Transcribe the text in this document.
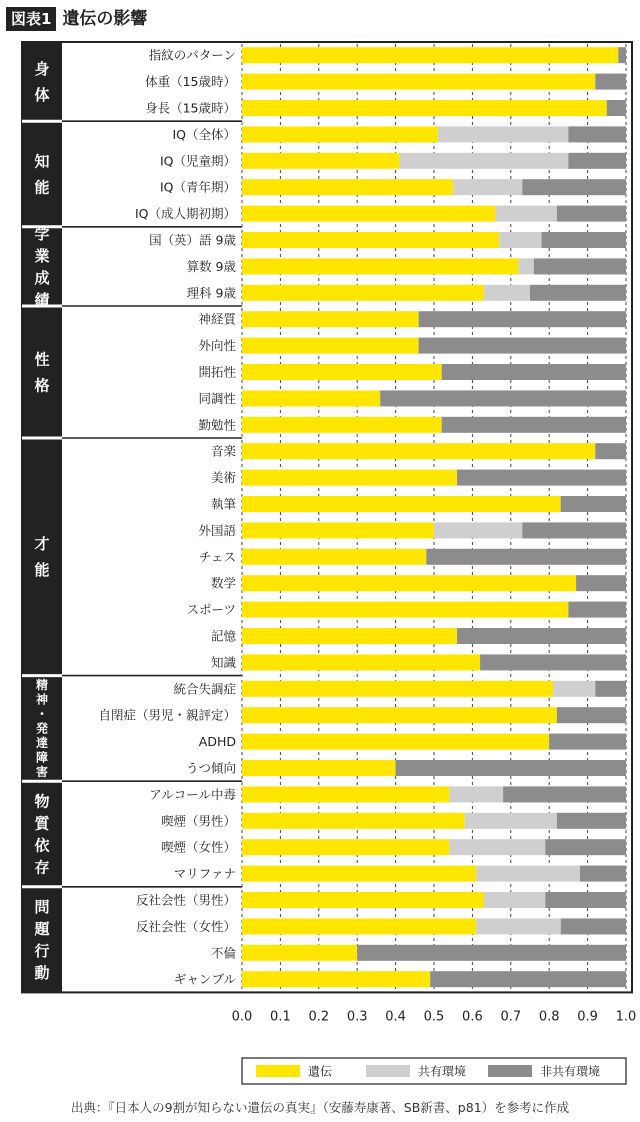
図表1 遺伝の影響
身
体
指紋のパターン
体重（15歳時）
身長（15歳時）
知
能
IQ（全体）
IQ（児童期）
IQ（青年期）
IQ（成人期初期）
学
業
成
績
国（英）語 9歳
算数 9歳
理科 9歳
性
格
神経質
外向性
開拓性
同調性
勤勉性
才
能
音楽
美術
執筆
外国語
チェス
数学
スポーツ
記憶
知識
精
神
・
発
達
障
害
統合失調症
自閉症（男児・親評定）
ADHD
うつ傾向
物
質
依
存
アルコール中毒
喫煙（男性）
喫煙（女性）
マリファナ
問
題
行
動
反社会性（男性）
反社会性（女性）
不倫
ギャンブル
0.0 0.1 0.2 0.3 0.4 0.5 0.6 0.7 0.8 0.9 1.0
遺伝	共有環境	非共有環境
出典：『日本人の9割が知らない遺伝の真実』（安藤寿康著、SB新書、p81）を参考に作成
